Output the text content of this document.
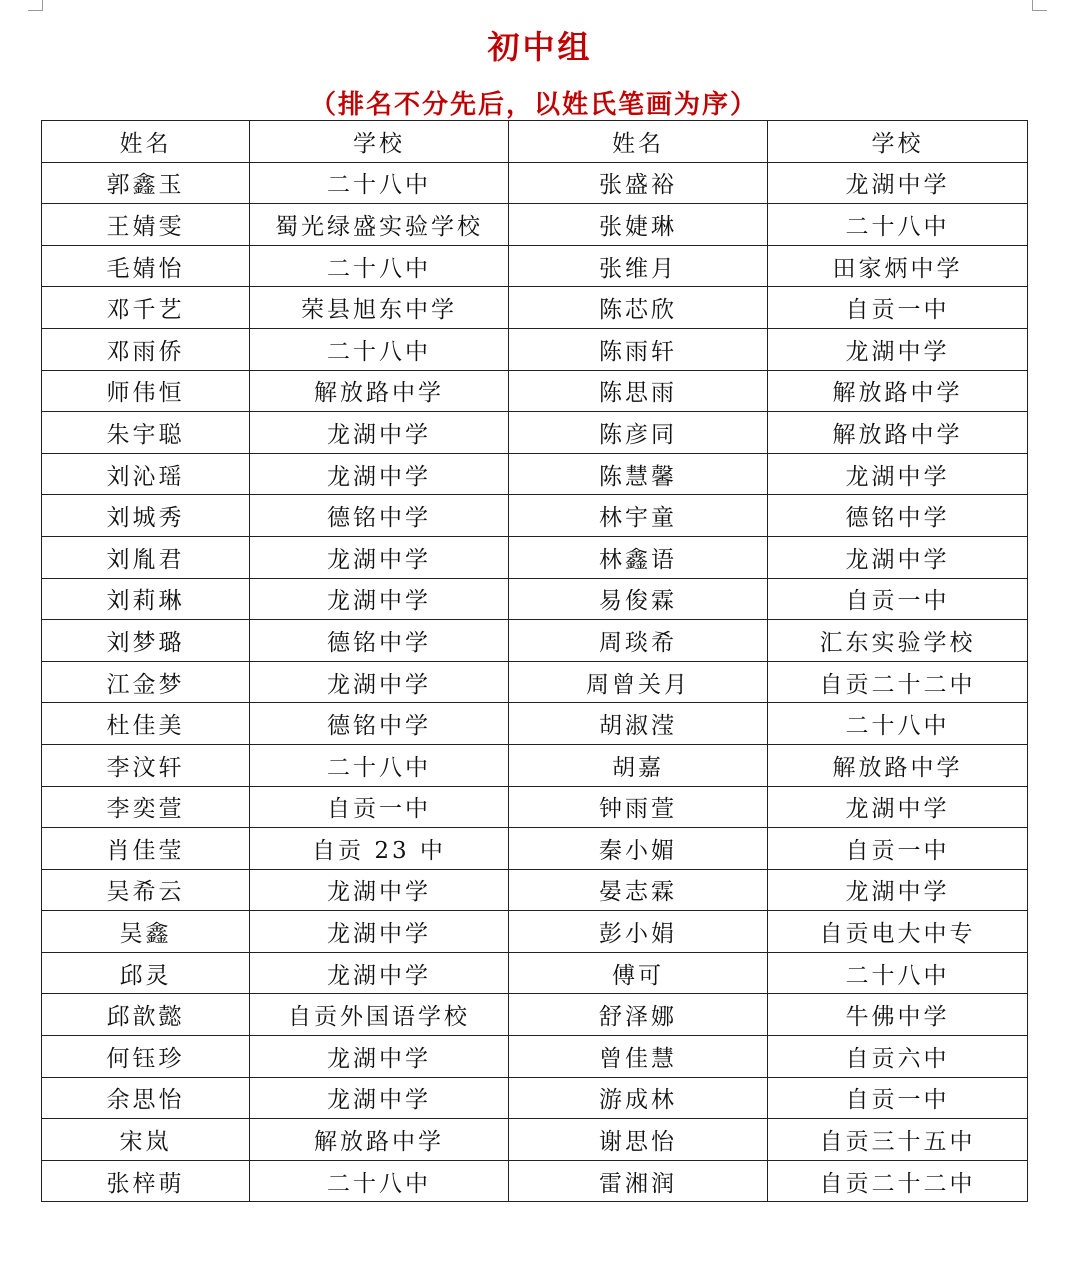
初中组
（排名不分先后，以姓氏笔画为序）
姓名	学校	姓名	学校
郭鑫玉	二十八中	张盛裕	龙湖中学
王婧雯	蜀光绿盛实验学校	张婕琳	二十八中
毛婧怡	二十八中	张维月	田家炳中学
邓千艺	荣县旭东中学	陈芯欣	自贡一中
邓雨侨	二十八中	陈雨轩	龙湖中学
师伟恒	解放路中学	陈思雨	解放路中学
朱宇聪	龙湖中学	陈彦同	解放路中学
刘沁瑶	龙湖中学	陈慧馨	龙湖中学
刘城秀	德铭中学	林宇童	德铭中学
刘胤君	龙湖中学	林鑫语	龙湖中学
刘莉琳	龙湖中学	易俊霖	自贡一中
刘梦璐	德铭中学	周琰希	汇东实验学校
江金梦	龙湖中学	周曾关月	自贡二十二中
杜佳美	德铭中学	胡淑滢	二十八中
李汶轩	二十八中	胡嘉	解放路中学
李奕萱	自贡一中	钟雨萱	龙湖中学
肖佳莹	自贡 23 中	秦小媚	自贡一中
吴希云	龙湖中学	晏志霖	龙湖中学
吴鑫	龙湖中学	彭小娟	自贡电大中专
邱灵	龙湖中学	傅可	二十八中
邱歆懿	自贡外国语学校	舒泽娜	牛佛中学
何钰珍	龙湖中学	曾佳慧	自贡六中
余思怡	龙湖中学	游成林	自贡一中
宋岚	解放路中学	谢思怡	自贡三十五中
张梓萌	二十八中	雷湘润	自贡二十二中
